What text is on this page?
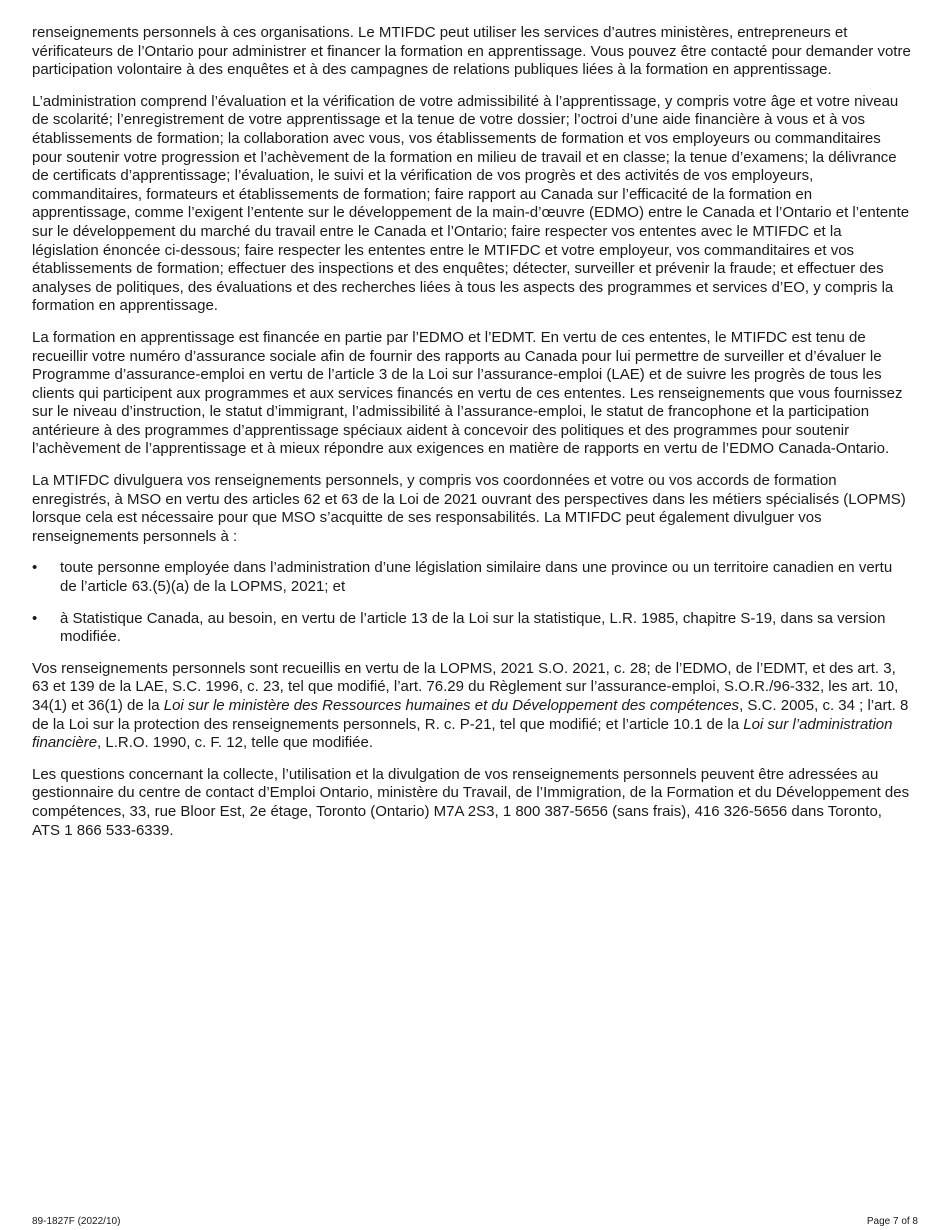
renseignements personnels à ces organisations. Le MTIFDC peut utiliser les services d’autres ministères, entrepreneurs et vérificateurs de l’Ontario pour administrer et financer la formation en apprentissage. Vous pouvez être contacté pour demander votre participation volontaire à des enquêtes et à des campagnes de relations publiques liées à la formation en apprentissage.

L’administration comprend l’évaluation et la vérification de votre admissibilité à l’apprentissage, y compris votre âge et votre niveau de scolarité; l’enregistrement de votre apprentissage et la tenue de votre dossier; l’octroi d’une aide financière à vous et à vos établissements de formation; la collaboration avec vous, vos établissements de formation et vos employeurs ou commanditaires pour soutenir votre progression et l’achèvement de la formation en milieu de travail et en classe; la tenue d’examens; la délivrance de certificats d’apprentissage; l’évaluation, le suivi et la vérification de vos progrès et des activités de vos employeurs, commanditaires, formateurs et établissements de formation; faire rapport au Canada sur l’efficacité de la formation en apprentissage, comme l’exigent l’entente sur le développement de la main-d’œuvre (EDMO) entre le Canada et l’Ontario et l’entente sur le développement du marché du travail entre le Canada et l’Ontario; faire respecter vos ententes avec le MTIFDC et la législation énoncée ci-dessous; faire respecter les ententes entre le MTIFDC et votre employeur, vos commanditaires et vos établissements de formation; effectuer des inspections et des enquêtes; détecter, surveiller et prévenir la fraude; et effectuer des analyses de politiques, des évaluations et des recherches liées à tous les aspects des programmes et services d’EO, y compris la formation en apprentissage.

La formation en apprentissage est financée en partie par l’EDMO et l’EDMT. En vertu de ces ententes, le MTIFDC est tenu de recueillir votre numéro d’assurance sociale afin de fournir des rapports au Canada pour lui permettre de surveiller et d’évaluer le Programme d’assurance-emploi en vertu de l’article 3 de la Loi sur l’assurance-emploi (LAE) et de suivre les progrès de tous les clients qui participent aux programmes et aux services financés en vertu de ces ententes. Les renseignements que vous fournissez sur le niveau d’instruction, le statut d’immigrant, l’admissibilité à l’assurance-emploi, le statut de francophone et la participation antérieure à des programmes d’apprentissage spéciaux aident à concevoir des politiques et des programmes pour soutenir l’achèvement de l’apprentissage et à mieux répondre aux exigences en matière de rapports en vertu de l’EDMO Canada-Ontario.

La MTIFDC divulguera vos renseignements personnels, y compris vos coordonnées et votre ou vos accords de formation enregistrés, à MSO en vertu des articles 62 et 63 de la Loi de 2021 ouvrant des perspectives dans les métiers spécialisés (LOPMS) lorsque cela est nécessaire pour que MSO s’acquitte de ses responsabilités. La MTIFDC peut également divulguer vos renseignements personnels à :

•	toute personne employée dans l’administration d’une législation similaire dans une province ou un territoire canadien en vertu de l’article 63.(5)(a) de la LOPMS, 2021; et
•	à Statistique Canada, au besoin, en vertu de l’article 13 de la Loi sur la statistique, L.R. 1985, chapitre S-19, dans sa version modifiée.

Vos renseignements personnels sont recueillis en vertu de la LOPMS, 2021 S.O. 2021, c. 28; de l’EDMO, de l’EDMT, et des art. 3, 63 et 139 de la LAE, S.C. 1996, c. 23, tel que modifié, l’art. 76.29 du Règlement sur l’assurance-emploi, S.O.R./96-332, les art. 10, 34(1) et 36(1) de la Loi sur le ministère des Ressources humaines et du Développement des compétences, S.C. 2005, c. 34 ; l’art. 8 de la Loi sur la protection des renseignements personnels, R. c. P-21, tel que modifié; et l’article 10.1 de la Loi sur l’administration financière, L.R.O. 1990, c. F. 12, telle que modifiée.

Les questions concernant la collecte, l’utilisation et la divulgation de vos renseignements personnels peuvent être adressées au gestionnaire du centre de contact d’Emploi Ontario, ministère du Travail, de l’Immigration, de la Formation et du Développement des compétences, 33, rue Bloor Est, 2e étage, Toronto (Ontario) M7A 2S3, 1 800 387-5656 (sans frais), 416 326-5656 dans Toronto, ATS 1 866 533-6339.

89-1827F (2022/10)	Page 7 of 8
